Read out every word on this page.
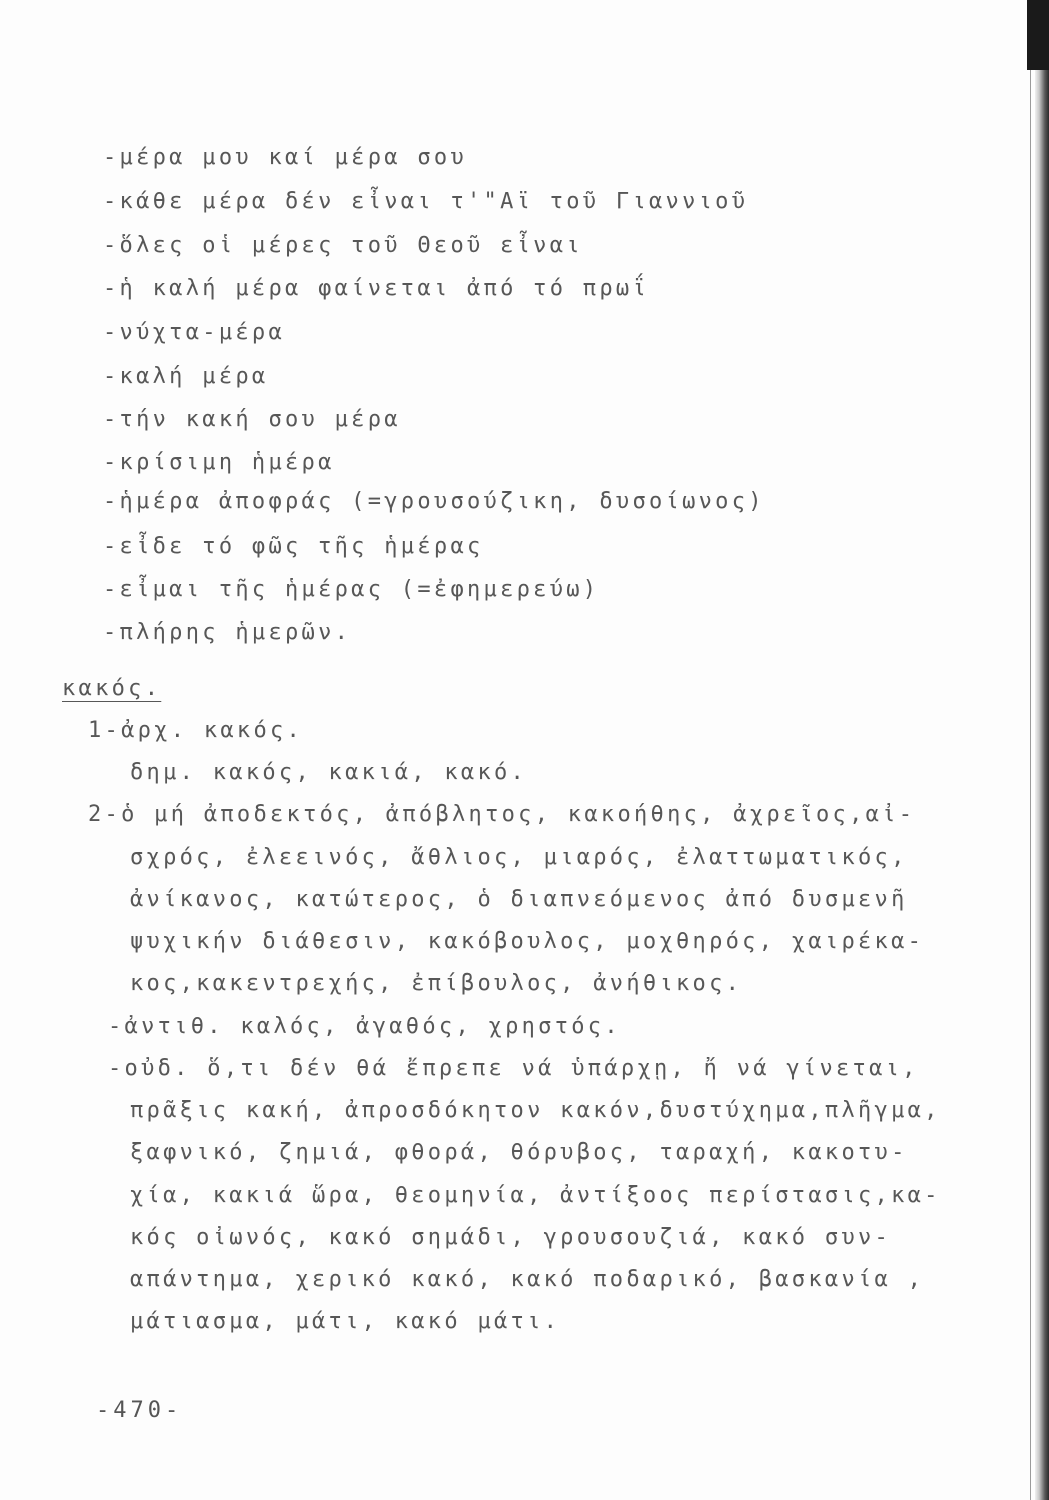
-μέρα μου καί μέρα σου
-κάθε μέρα δέν εἶναι τ'"Αϊ τοῦ Γιαννιοῦ
-ὅλες οἱ μέρες τοῦ Θεοῦ εἶναι
-ἡ καλή μέρα φαίνεται ἀπό τό πρωΐ
-νύχτα-μέρα
-καλή μέρα
-τήν κακή σου μέρα
-κρίσιμη ἡμέρα
-ἡμέρα ἀποφράς (=γρουσούζικη, δυσοίωνος)
-εἶδε τό φῶς τῆς ἡμέρας
-εἶμαι τῆς ἡμέρας (=ἐφημερεύω)
-πλήρης ἡμερῶν.
κακός.
1-ἀρχ. κακός.
δημ. κακός, κακιά, κακό.
2-ὁ μή ἀποδεκτός, ἀπόβλητος, κακοήθης, ἀχρεῖος,αἰ-
σχρός, ἐλεεινός, ἄθλιος, μιαρός, ἐλαττωματικός,
ἀνίκανος, κατώτερος, ὁ διαπνεόμενος ἀπό δυσμενῆ
ψυχικήν διάθεσιν, κακόβουλος, μοχθηρός, χαιρέκα-
κος,κακεντρεχής, ἐπίβουλος, ἀνήθικος.
-ἀντιθ. καλός, ἀγαθός, χρηστός.
-οὐδ. ὅ,τι δέν θά ἔπρεπε νά ὑπάρχῃ, ἤ νά γίνεται,
πρᾶξις κακή, ἀπροσδόκητον κακόν,δυστύχημα,πλῆγμα,
ξαφνικό, ζημιά, φθορά, θόρυβος, ταραχή, κακοτυ-
χία, κακιά ὥρα, θεομηνία, ἀντίξοος περίστασις,κα-
κός οἰωνός, κακό σημάδι, γρουσουζιά, κακό συν-
απάντημα, χερικό κακό, κακό ποδαρικό, βασκανία ,
μάτιασμα, μάτι, κακό μάτι.
-470-
